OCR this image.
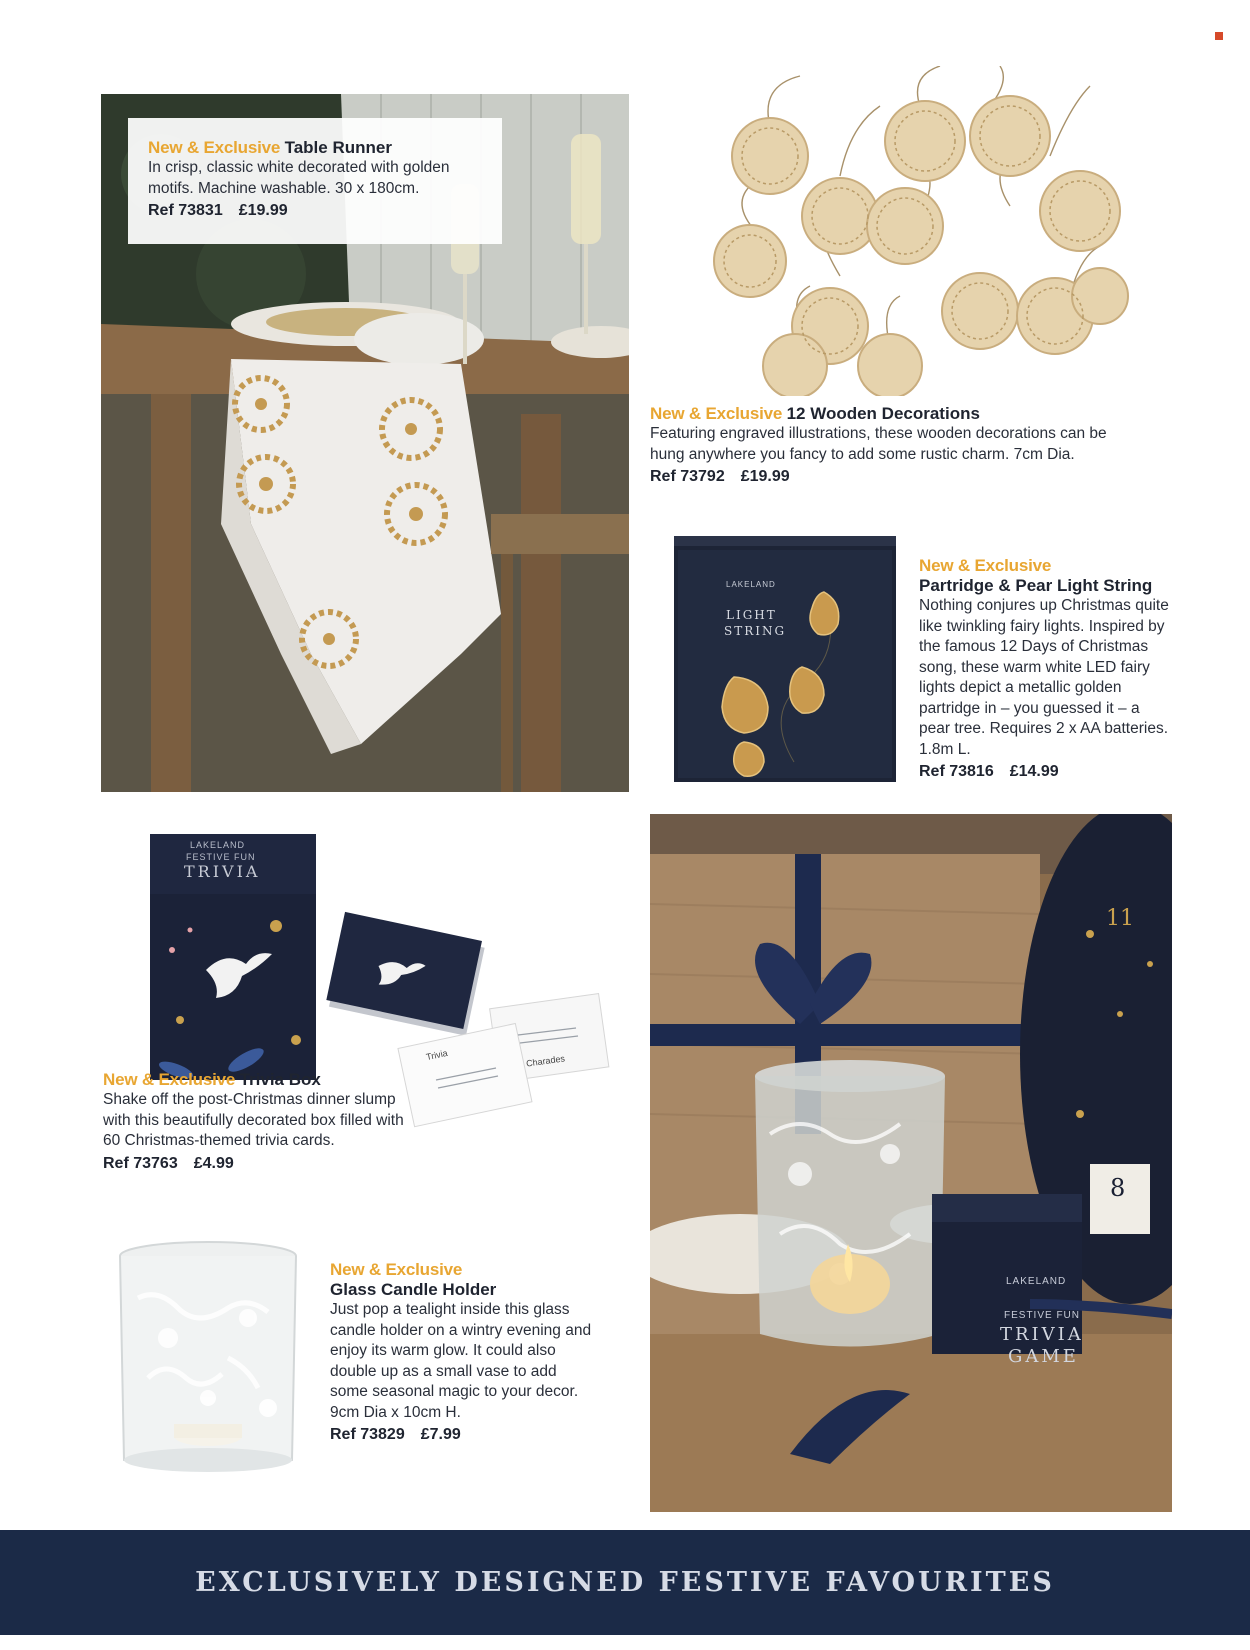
New & Exclusive Table Runner
In crisp, classic white decorated with golden motifs. Machine washable. 30 x 180cm.
Ref 73831 £19.99
New & Exclusive 12 Wooden Decorations
Featuring engraved illustrations, these wooden decorations can be hung anywhere you fancy to add some rustic charm. 7cm Dia.
Ref 73792 £19.99
LAKELAND
LIGHT
STRING
New & Exclusive
Partridge & Pear Light String
Nothing conjures up Christmas quite like twinkling fairy lights. Inspired by the famous 12 Days of Christmas song, these warm white LED fairy lights depict a metallic golden partridge in – you guessed it – a pear tree. Requires 2 x AA batteries. 1.8m L.
Ref 73816 £14.99
LAKELAND
FESTIVE FUN
TRIVIA
Trivia	Charades
New & Exclusive Trivia Box
Shake off the post-Christmas dinner slump with this beautifully decorated box filled with 60 Christmas-themed trivia cards.
Ref 73763 £4.99
New & Exclusive
Glass Candle Holder
Just pop a tealight inside this glass candle holder on a wintry evening and enjoy its warm glow. It could also double up as a small vase to add some seasonal magic to your decor. 9cm Dia x 10cm H.
Ref 73829 £7.99
LAKELAND
FESTIVE FUN
TRIVIA
GAME
11
8
EXCLUSIVELY DESIGNED FESTIVE FAVOURITES
